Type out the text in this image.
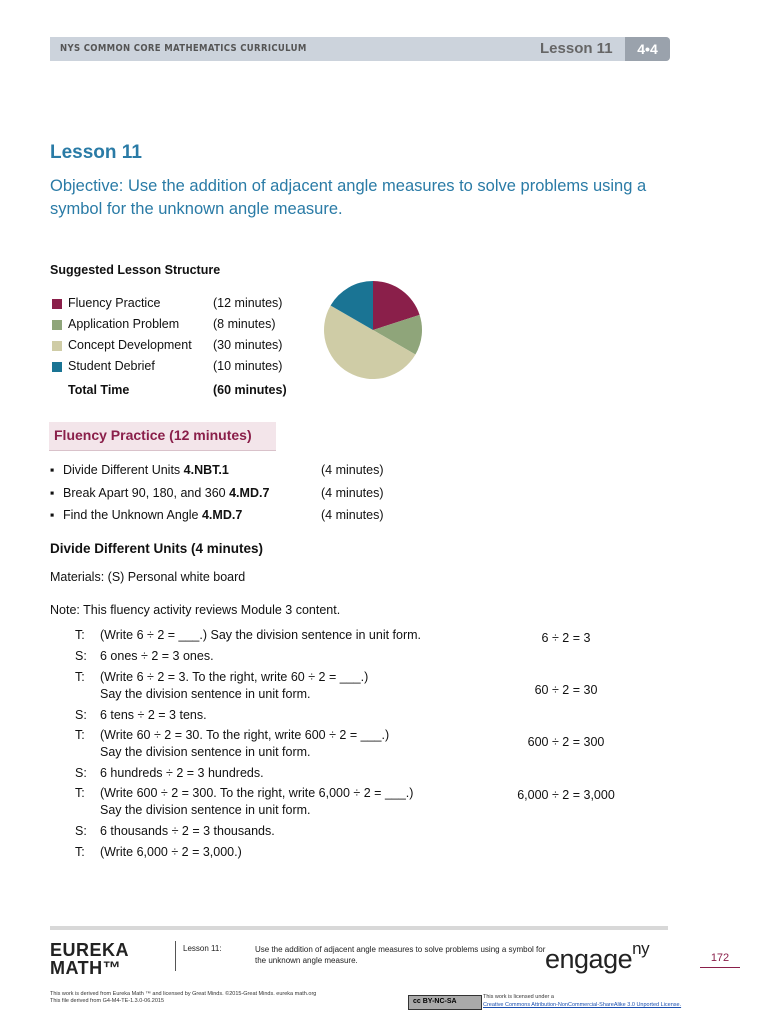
NYS COMMON CORE MATHEMATICS CURRICULUM	Lesson 11	4•4
Lesson 11
Objective: Use the addition of adjacent angle measures to solve problems using a symbol for the unknown angle measure.
Suggested Lesson Structure
Fluency Practice	(12 minutes)
Application Problem	(8 minutes)
Concept Development (30 minutes)
Student Debrief	(10 minutes)
Total Time	(60 minutes)
Fluency Practice (12 minutes)
▪ Divide Different Units 4.NBT.1	(4 minutes)
▪ Break Apart 90, 180, and 360 4.MD.7	(4 minutes)
▪ Find the Unknown Angle 4.MD.7	(4 minutes)
Divide Different Units (4 minutes)
Materials: (S) Personal white board
Note: This fluency activity reviews Module 3 content.
T: (Write 6 ÷ 2 = ___.) Say the division sentence in unit form.
S: 6 ones ÷ 2 = 3 ones.
T: (Write 6 ÷ 2 = 3. To the right, write 60 ÷ 2 = ___.)
Say the division sentence in unit form.
S: 6 tens ÷ 2 = 3 tens.
T: (Write 60 ÷ 2 = 30. To the right, write 600 ÷ 2 = ___.)
Say the division sentence in unit form.
S: 6 hundreds ÷ 2 = 3 hundreds.
T: (Write 600 ÷ 2 = 300. To the right, write 6,000 ÷ 2 = ___.)
Say the division sentence in unit form.
S: 6 thousands ÷ 2 = 3 thousands.
T: (Write 6,000 ÷ 2 = 3,000.)
6 ÷ 2 = 3
60 ÷ 2 = 30
600 ÷ 2 = 300
6,000 ÷ 2 = 3,000
EUREKA
MATH™
Lesson 11:	Use the addition of adjacent angle measures to solve problems using a symbol for the unknown angle measure.	engage$^{ny}$	172
This work is derived from Eureka Math ™ and licensed by Great Minds. ©2015-Great Minds. eureka math.org
This file derived from G4-M4-TE-1.3.0-06.2015	cc BY-NC-SA
This work is licensed under a
Creative Commons Attribution-NonCommercial-ShareAlike 3.0 Unported License.
